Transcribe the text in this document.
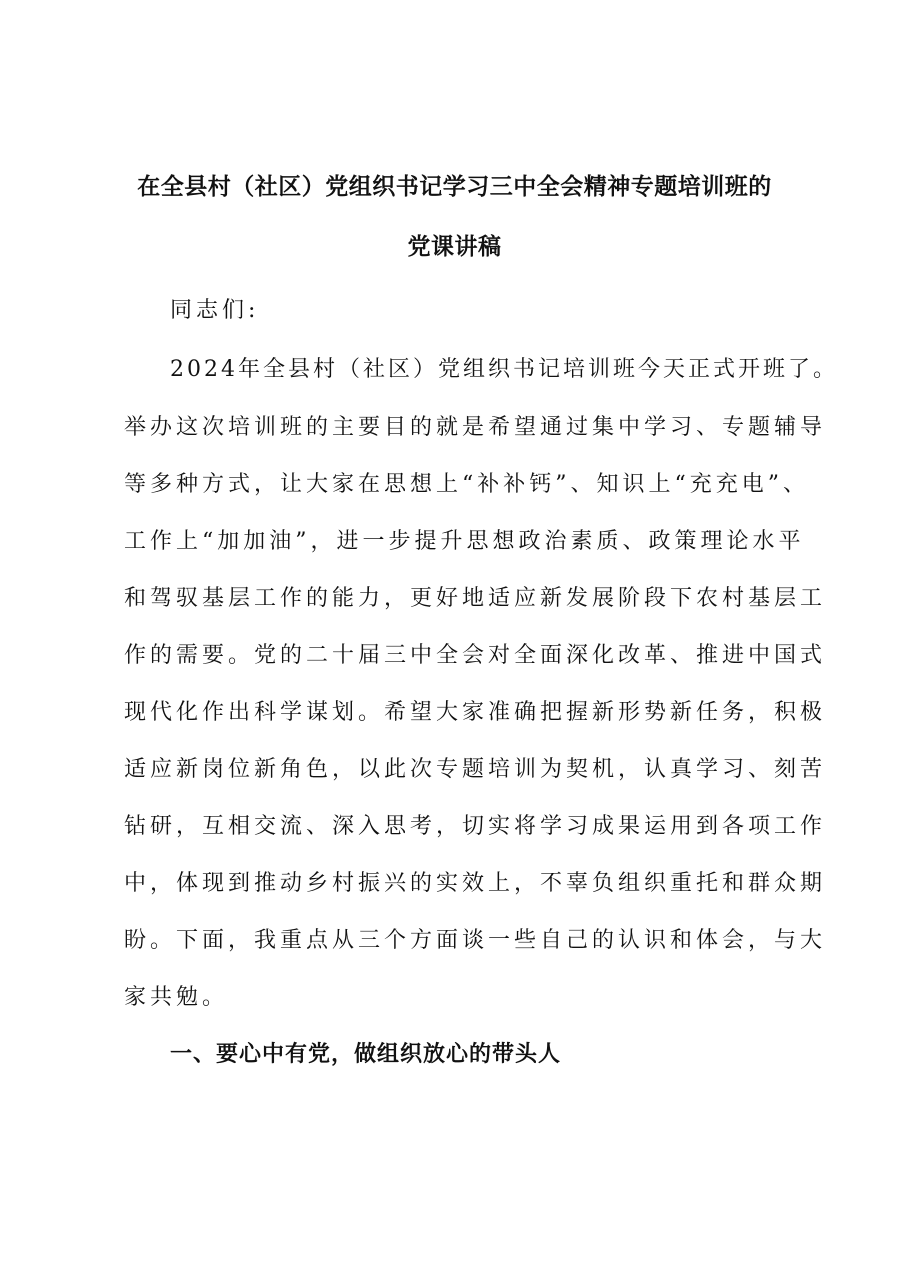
在全县村（社区）党组织书记学习三中全会精神专题培训班的
党课讲稿
同志们:
2024年全县村（社区）党组织书记培训班今天正式开班了。
举办这次培训班的主要目的就是希望通过集中学习、专题辅导
等多种方式，让大家在思想上“补补钙”、知识上“充充电”、
工作上“加加油”，进一步提升思想政治素质、政策理论水平
和驾驭基层工作的能力，更好地适应新发展阶段下农村基层工
作的需要。党的二十届三中全会对全面深化改革、推进中国式
现代化作出科学谋划。希望大家准确把握新形势新任务，积极
适应新岗位新角色，以此次专题培训为契机，认真学习、刻苦
钻研，互相交流、深入思考，切实将学习成果运用到各项工作
中，体现到推动乡村振兴的实效上，不辜负组织重托和群众期
盼。下面，我重点从三个方面谈一些自己的认识和体会，与大
家共勉。
一、要心中有党，做组织放心的带头人
